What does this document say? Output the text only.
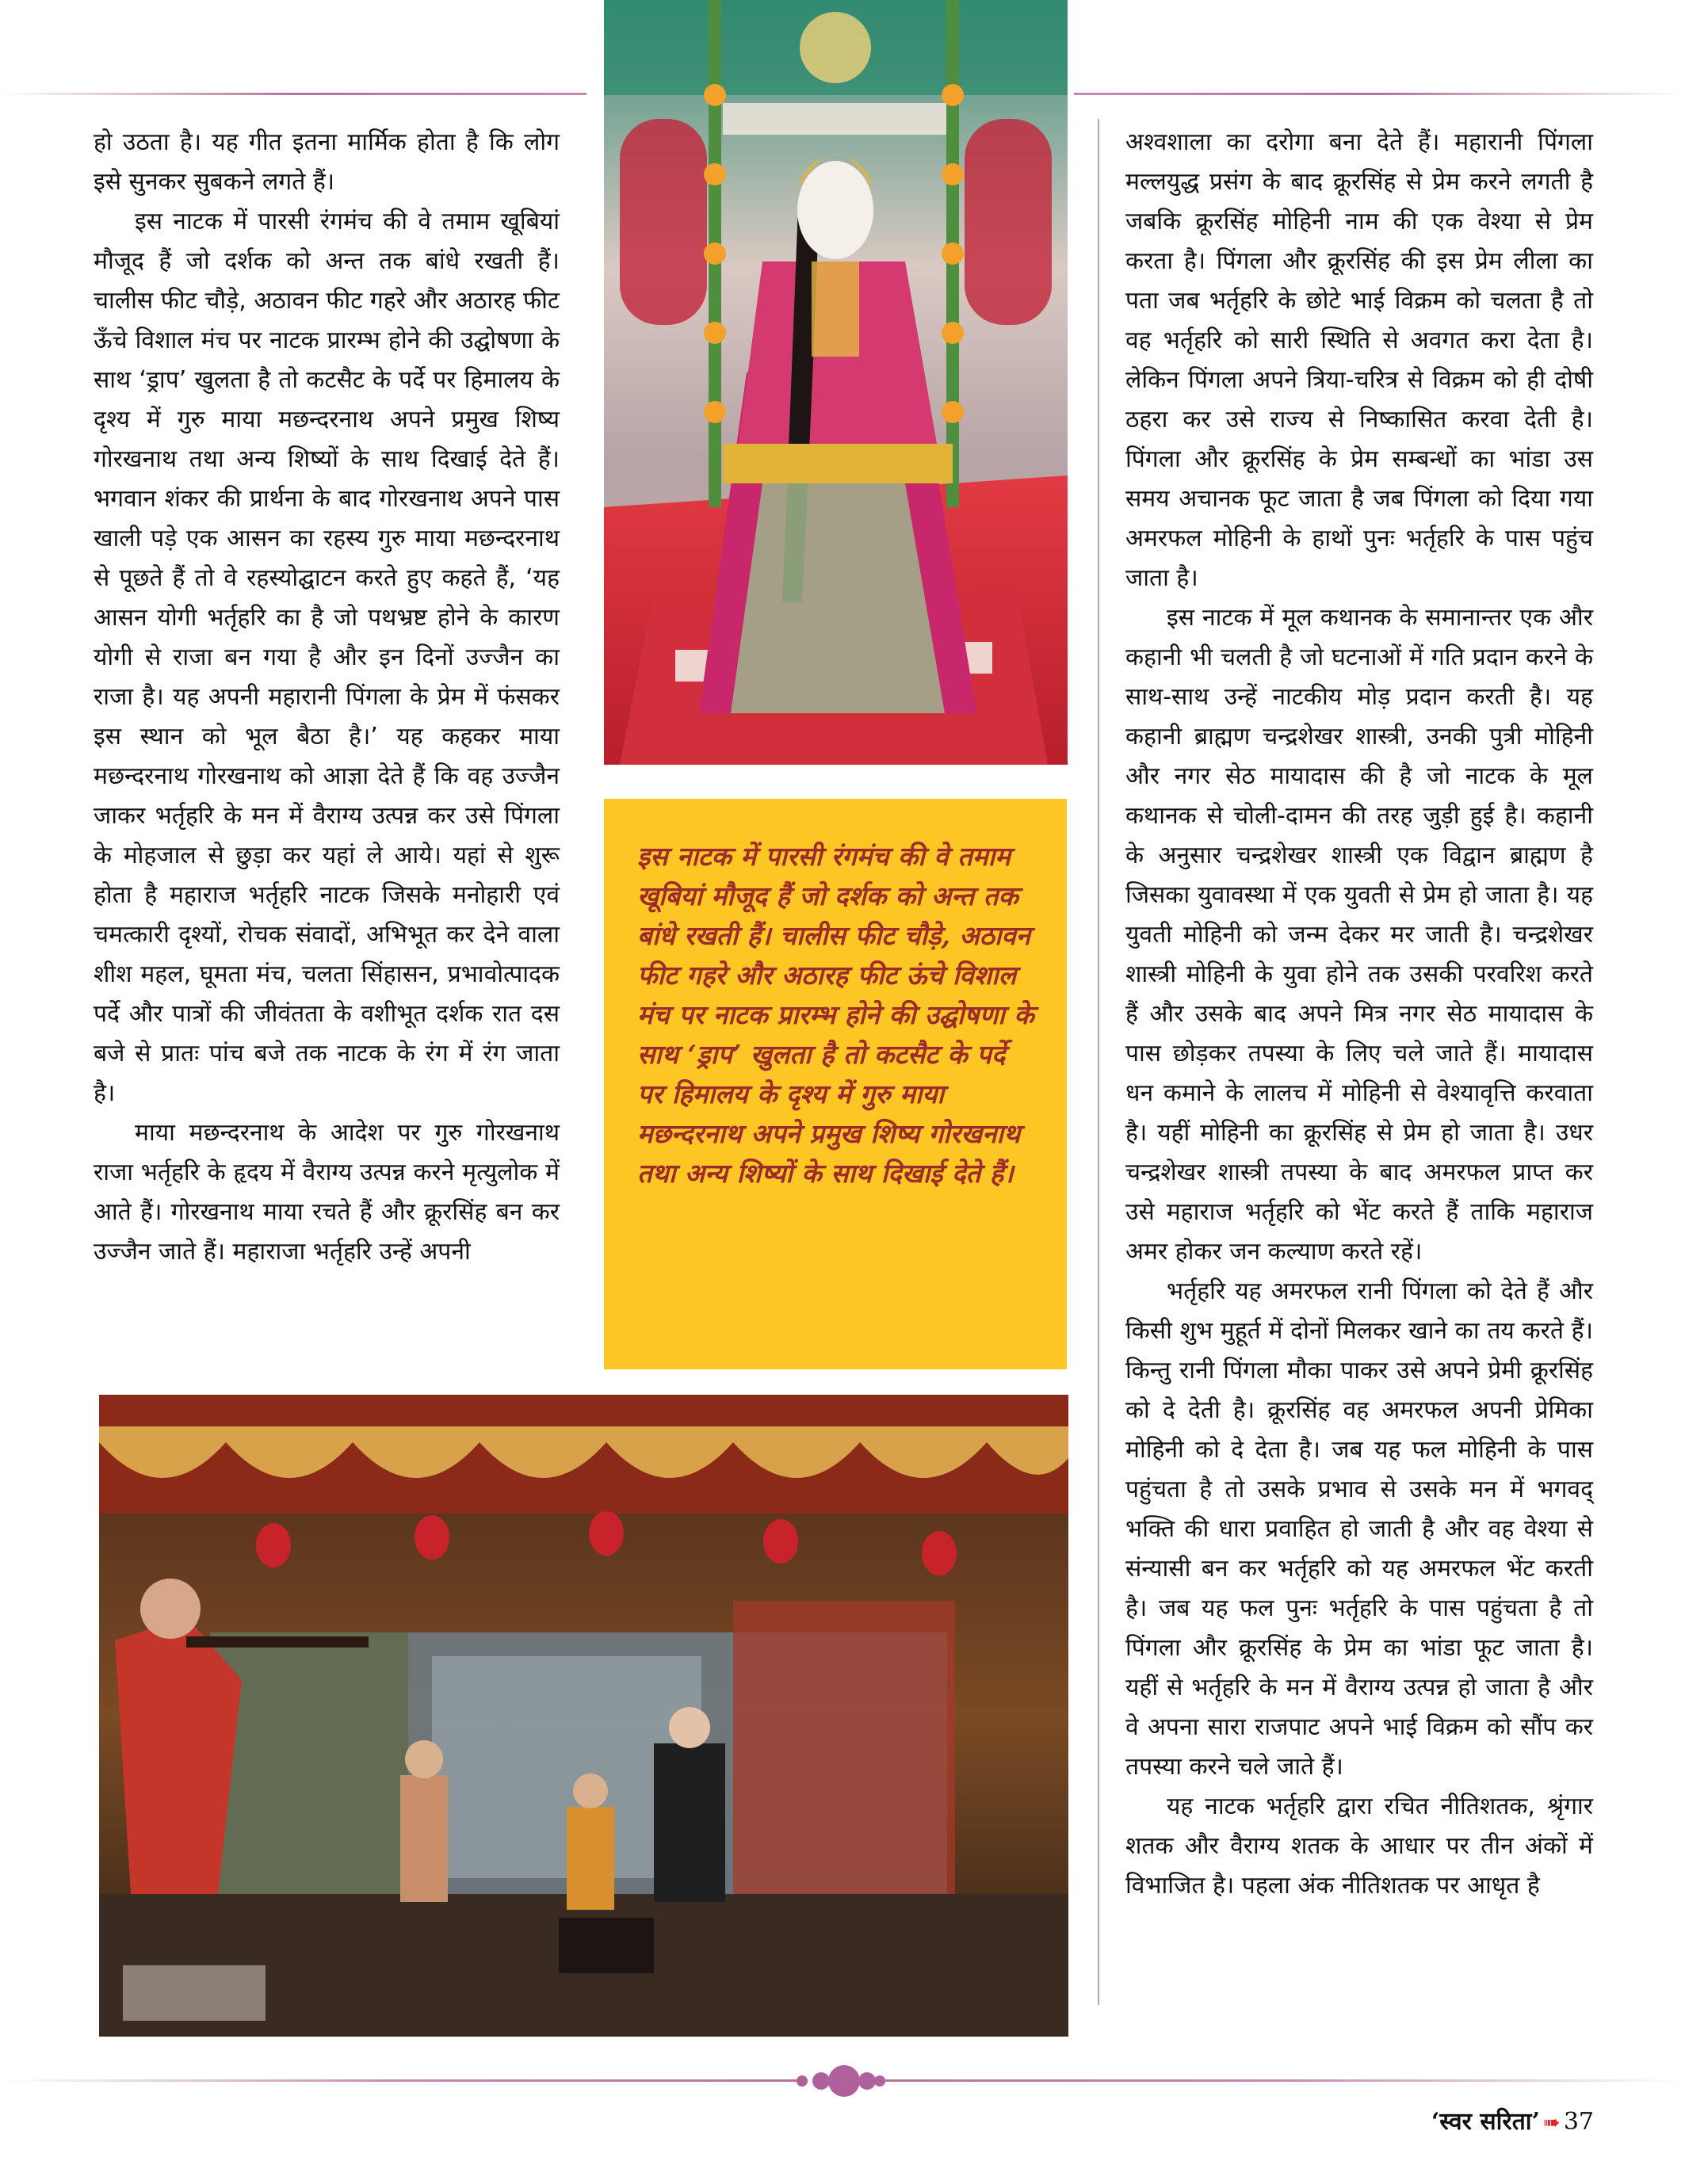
हो उठता है। यह गीत इतना मार्मिक होता है कि लोग इसे सुनकर सुबकने लगते हैं।

इस नाटक में पारसी रंगमंच की वे तमाम खूबियां मौजूद हैं जो दर्शक को अन्त तक बांधे रखती हैं। चालीस फीट चौड़े, अठावन फीट गहरे और अठारह फीट ऊँचे विशाल मंच पर नाटक प्रारम्भ होने की उद्घोषणा के साथ ‘ड्राप’ खुलता है तो कटसैट के पर्दे पर हिमालय के दृश्य में गुरु माया मछन्दरनाथ अपने प्रमुख शिष्य गोरखनाथ तथा अन्य शिष्यों के साथ दिखाई देते हैं। भगवान शंकर की प्रार्थना के बाद गोरखनाथ अपने पास खाली पड़े एक आसन का रहस्य गुरु माया मछन्दरनाथ से पूछते हैं तो वे रहस्योद्घाटन करते हुए कहते हैं, ‘यह आसन योगी भर्तृहरि का है जो पथभ्रष्ट होने के कारण योगी से राजा बन गया है और इन दिनों उज्जैन का राजा है। यह अपनी महारानी पिंगला के प्रेम में फंसकर इस स्थान को भूल बैठा है।’ यह कहकर माया मछन्दरनाथ गोरखनाथ को आज्ञा देते हैं कि वह उज्जैन जाकर भर्तृहरि के मन में वैराग्य उत्पन्न कर उसे पिंगला के मोहजाल से छुड़ा कर यहां ले आये। यहां से शुरू होता है महाराज भर्तृहरि नाटक जिसके मनोहारी एवं चमत्कारी दृश्यों, रोचक संवादों, अभिभूत कर देने वाला शीश महल, घूमता मंच, चलता सिंहासन, प्रभावोत्पादक पर्दे और पात्रों की जीवंतता के वशीभूत दर्शक रात दस बजे से प्रातः पांच बजे तक नाटक के रंग में रंग जाता है।

माया मछन्दरनाथ के आदेश पर गुरु गोरखनाथ राजा भर्तृहरि के हृदय में वैराग्य उत्पन्न करने मृत्युलोक में आते हैं। गोरखनाथ माया रचते हैं और क्रूरसिंह बन कर उज्जैन जाते हैं। महाराजा भर्तृहरि उन्हें अपनी

इस नाटक में पारसी रंगमंच की वे तमाम खूबियां मौजूद हैं जो दर्शक को अन्त तक बांधे रखती हैं। चालीस फीट चौड़े, अठावन फीट गहरे और अठारह फीट ऊंचे विशाल मंच पर नाटक प्रारम्भ होने की उद्घोषणा के साथ ‘ड्राप’ खुलता है तो कटसैट के पर्दे पर हिमालय के दृश्य में गुरु माया मछन्दरनाथ अपने प्रमुख शिष्य गोरखनाथ तथा अन्य शिष्यों के साथ दिखाई देते हैं।

अश्वशाला का दरोगा बना देते हैं। महारानी पिंगला मल्लयुद्ध प्रसंग के बाद क्रूरसिंह से प्रेम करने लगती है जबकि क्रूरसिंह मोहिनी नाम की एक वेश्या से प्रेम करता है। पिंगला और क्रूरसिंह की इस प्रेम लीला का पता जब भर्तृहरि के छोटे भाई विक्रम को चलता है तो वह भर्तृहरि को सारी स्थिति से अवगत करा देता है। लेकिन पिंगला अपने त्रिया-चरित्र से विक्रम को ही दोषी ठहरा कर उसे राज्य से निष्कासित करवा देती है। पिंगला और क्रूरसिंह के प्रेम सम्बन्धों का भांडा उस समय अचानक फूट जाता है जब पिंगला को दिया गया अमरफल मोहिनी के हाथों पुनः भर्तृहरि के पास पहुंच जाता है।

इस नाटक में मूल कथानक के समानान्तर एक और कहानी भी चलती है जो घटनाओं में गति प्रदान करने के साथ-साथ उन्हें नाटकीय मोड़ प्रदान करती है। यह कहानी ब्राह्मण चन्द्रशेखर शास्त्री, उनकी पुत्री मोहिनी और नगर सेठ मायादास की है जो नाटक के मूल कथानक से चोली-दामन की तरह जुड़ी हुई है। कहानी के अनुसार चन्द्रशेखर शास्त्री एक विद्वान ब्राह्मण है जिसका युवावस्था में एक युवती से प्रेम हो जाता है। यह युवती मोहिनी को जन्म देकर मर जाती है। चन्द्रशेखर शास्त्री मोहिनी के युवा होने तक उसकी परवरिश करते हैं और उसके बाद अपने मित्र नगर सेठ मायादास के पास छोड़कर तपस्या के लिए चले जाते हैं। मायादास धन कमाने के लालच में मोहिनी से वेश्यावृत्ति करवाता है। यहीं मोहिनी का क्रूरसिंह से प्रेम हो जाता है। उधर चन्द्रशेखर शास्त्री तपस्या के बाद अमरफल प्राप्त कर उसे महाराज भर्तृहरि को भेंट करते हैं ताकि महाराज अमर होकर जन कल्याण करते रहें।

भर्तृहरि यह अमरफल रानी पिंगला को देते हैं और किसी शुभ मुहूर्त में दोनों मिलकर खाने का तय करते हैं। किन्तु रानी पिंगला मौका पाकर उसे अपने प्रेमी क्रूरसिंह को दे देती है। क्रूरसिंह वह अमरफल अपनी प्रेमिका मोहिनी को दे देता है। जब यह फल मोहिनी के पास पहुंचता है तो उसके प्रभाव से उसके मन में भगवद् भक्ति की धारा प्रवाहित हो जाती है और वह वेश्या से संन्यासी बन कर भर्तृहरि को यह अमरफल भेंट करती है। जब यह फल पुनः भर्तृहरि के पास पहुंचता है तो पिंगला और क्रूरसिंह के प्रेम का भांडा फूट जाता है। यहीं से भर्तृहरि के मन में वैराग्य उत्पन्न हो जाता है और वे अपना सारा राजपाट अपने भाई विक्रम को सौंप कर तपस्या करने चले जाते हैं।

यह नाटक भर्तृहरि द्वारा रचित नीतिशतक, श्रृंगार शतक और वैराग्य शतक के आधार पर तीन अंकों में विभाजित है। पहला अंक नीतिशतक पर आधृत है

‘स्वर सरिता’ ➠ 37
